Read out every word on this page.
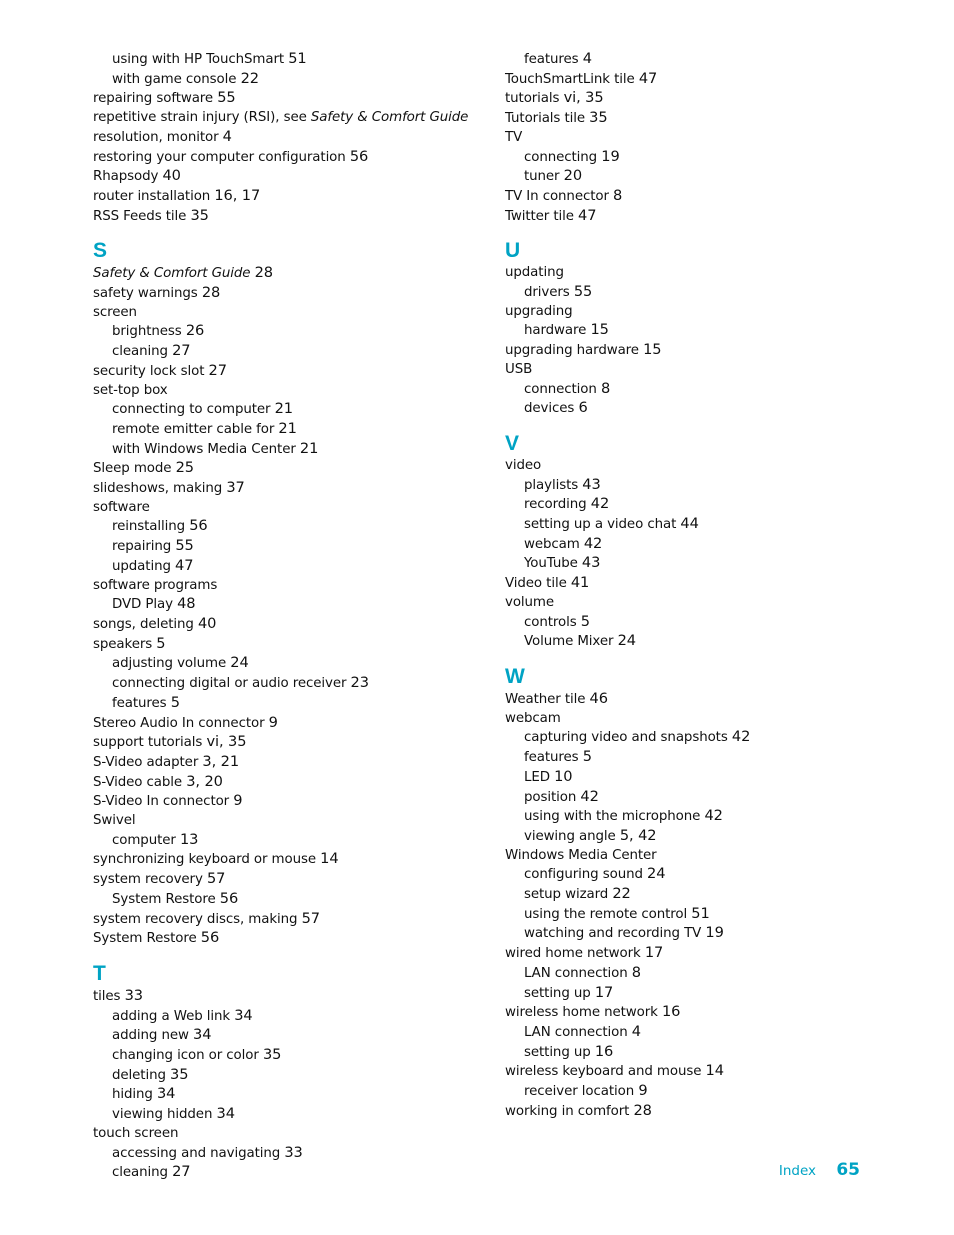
using with HP TouchSmart 51
with game console 22
repairing software 55
repetitive strain injury (RSI), see Safety & Comfort Guide
resolution, monitor 4
restoring your computer configuration 56
Rhapsody 40
router installation 16, 17
RSS Feeds tile 35
S
Safety & Comfort Guide 28
safety warnings 28
screen
brightness 26
cleaning 27
security lock slot 27
set-top box
connecting to computer 21
remote emitter cable for 21
with Windows Media Center 21
Sleep mode 25
slideshows, making 37
software
reinstalling 56
repairing 55
updating 47
software programs
DVD Play 48
songs, deleting 40
speakers 5
adjusting volume 24
connecting digital or audio receiver 23
features 5
Stereo Audio In connector 9
support tutorials vi, 35
S-Video adapter 3, 21
S-Video cable 3, 20
S-Video In connector 9
Swivel
computer 13
synchronizing keyboard or mouse 14
system recovery 57
System Restore 56
system recovery discs, making 57
System Restore 56
T
tiles 33
adding a Web link 34
adding new 34
changing icon or color 35
deleting 35
hiding 34
viewing hidden 34
touch screen
accessing and navigating 33
cleaning 27
features 4
TouchSmartLink tile 47
tutorials vi, 35
Tutorials tile 35
TV
connecting 19
tuner 20
TV In connector 8
Twitter tile 47
U
updating
drivers 55
upgrading
hardware 15
upgrading hardware 15
USB
connection 8
devices 6
V
video
playlists 43
recording 42
setting up a video chat 44
webcam 42
YouTube 43
Video tile 41
volume
controls 5
Volume Mixer 24
W
Weather tile 46
webcam
capturing video and snapshots 42
features 5
LED 10
position 42
using with the microphone 42
viewing angle 5, 42
Windows Media Center
configuring sound 24
setup wizard 22
using the remote control 51
watching and recording TV 19
wired home network 17
LAN connection 8
setting up 17
wireless home network 16
LAN connection 4
setting up 16
wireless keyboard and mouse 14
receiver location 9
working in comfort 28
Index 65
